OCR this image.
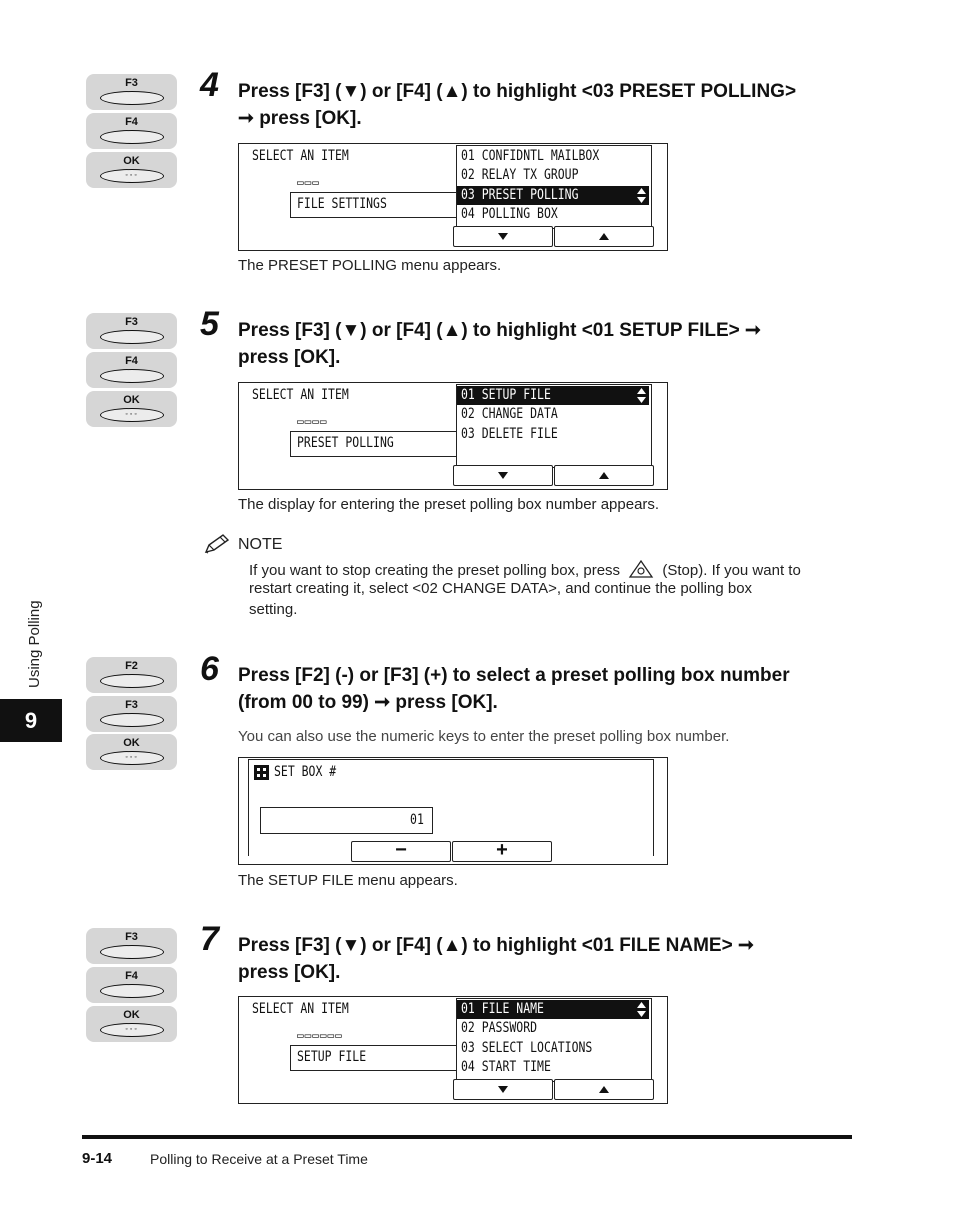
F3
F4
OK
◦◦◦
4 Press [F3] (▼) or [F4] (▲) to highlight <03 PRESET POLLING>
➞ press [OK].
SELECT AN ITEM
▭▭▭
FILE SETTINGS
01 CONFIDNTL MAILBOX
02 RELAY TX GROUP
03 PRESET POLLING
04 POLLING BOX
The PRESET POLLING menu appears.
F3
F4
OK
◦◦◦
5 Press [F3] (▼) or [F4] (▲) to highlight <01 SETUP FILE> ➞
press [OK].
SELECT AN ITEM
▭▭▭▭
PRESET POLLING
01 SETUP FILE
02 CHANGE DATA
03 DELETE FILE
The display for entering the preset polling box number appears.
NOTE
If you want to stop creating the preset polling box, press	(Stop). If you want to
restart creating it, select <02 CHANGE DATA>, and continue the polling box
setting.
Using Polling
9
F2
F3
OK
◦◦◦
6 Press [F2] (-) or [F3] (+) to select a preset polling box number
(from 00 to 99) ➞ press [OK].
You can also use the numeric keys to enter the preset polling box number.
SET BOX #
01
−	+
The SETUP FILE menu appears.
F3
F4
OK
◦◦◦
7 Press [F3] (▼) or [F4] (▲) to highlight <01 FILE NAME> ➞
press [OK].
SELECT AN ITEM
▭▭▭▭▭▭
SETUP FILE
01 FILE NAME
02 PASSWORD
03 SELECT LOCATIONS
04 START TIME
9-14	Polling to Receive at a Preset Time
